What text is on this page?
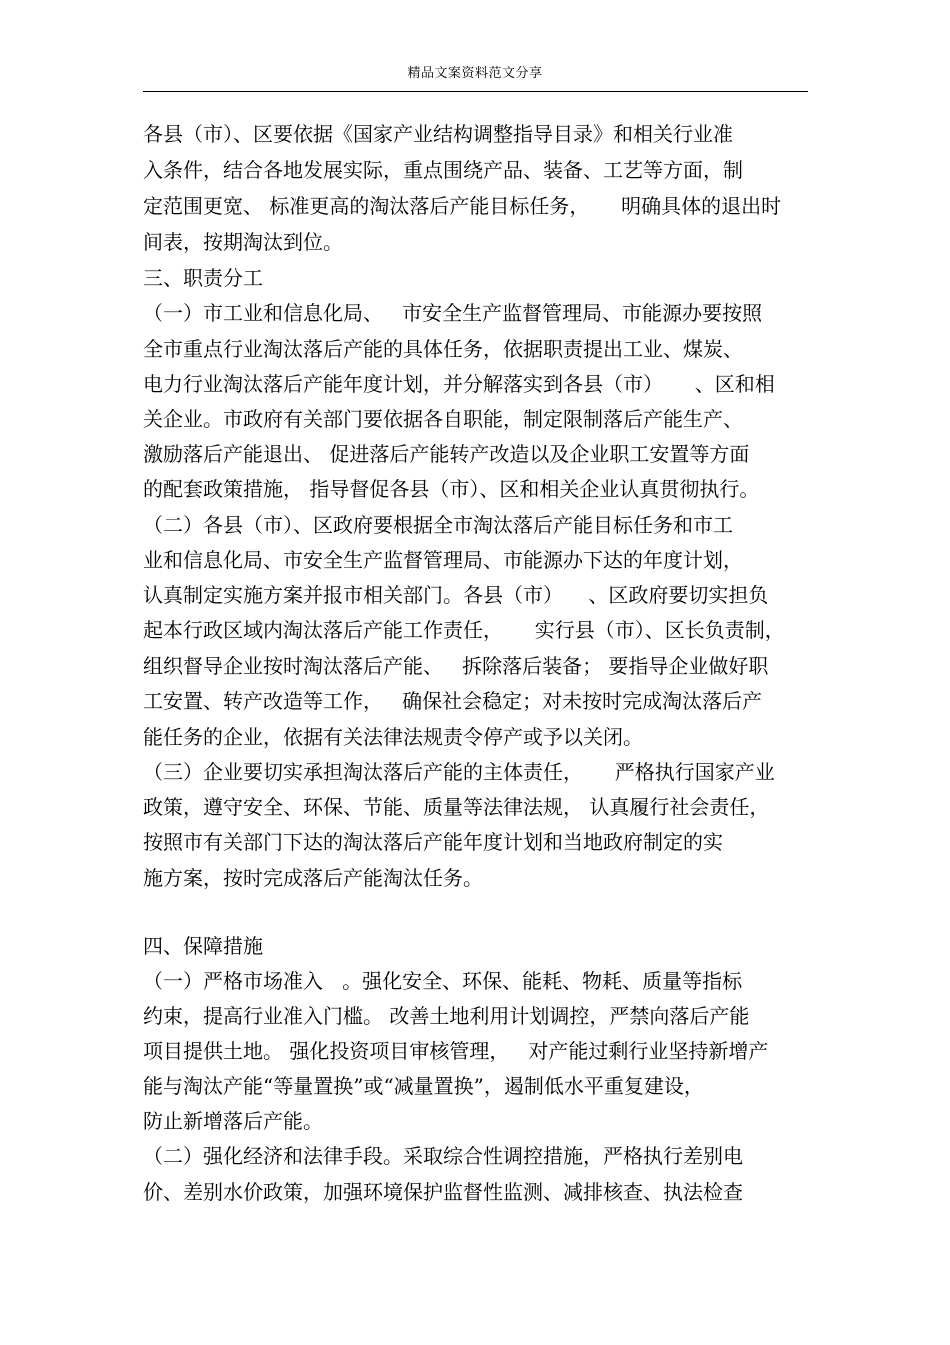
精品文案资料范文分享
各县（市）、区要依据《国家产业结构调整指导目录》和相关行业准
入条件，结合各地发展实际，重点围绕产品、装备、工艺等方面，制
定范围更宽、 标准更高的淘汰落后产能目标任务，     明确具体的退出时
间表，按期淘汰到位。
三、职责分工
（一）市工业和信息化局、   市安全生产监督管理局、市能源办要按照
全市重点行业淘汰落后产能的具体任务，依据职责提出工业、煤炭、
电力行业淘汰落后产能年度计划，并分解落实到各县（市）     、区和相
关企业。市政府有关部门要依据各自职能，制定限制落后产能生产、
激励落后产能退出、 促进落后产能转产改造以及企业职工安置等方面
的配套政策措施， 指导督促各县（市）、区和相关企业认真贯彻执行。
（二）各县（市）、区政府要根据全市淘汰落后产能目标任务和市工
业和信息化局、市安全生产监督管理局、市能源办下达的年度计划，
认真制定实施方案并报市相关部门。各县（市）    、区政府要切实担负
起本行政区域内淘汰落后产能工作责任，     实行县（市）、区长负责制，
组织督导企业按时淘汰落后产能、   拆除落后装备； 要指导企业做好职
工安置、转产改造等工作，   确保社会稳定；对未按时完成淘汰落后产
能任务的企业，依据有关法律法规责令停产或予以关闭。
（三）企业要切实承担淘汰落后产能的主体责任，     严格执行国家产业
政策，遵守安全、环保、节能、质量等法律法规， 认真履行社会责任，
按照市有关部门下达的淘汰落后产能年度计划和当地政府制定的实
施方案，按时完成落后产能淘汰任务。
四、保障措施
（一）严格市场准入   。强化安全、环保、能耗、物耗、质量等指标
约束，提高行业准入门槛。 改善土地利用计划调控，严禁向落后产能
项目提供土地。 强化投资项目审核管理，   对产能过剩行业坚持新增产
能与淘汰产能“等量置换”或“减量置换”，遏制低水平重复建设，
防止新增落后产能。
（二）强化经济和法律手段。采取综合性调控措施，严格执行差别电
价、差别水价政策，加强环境保护监督性监测、减排核查、执法检查
